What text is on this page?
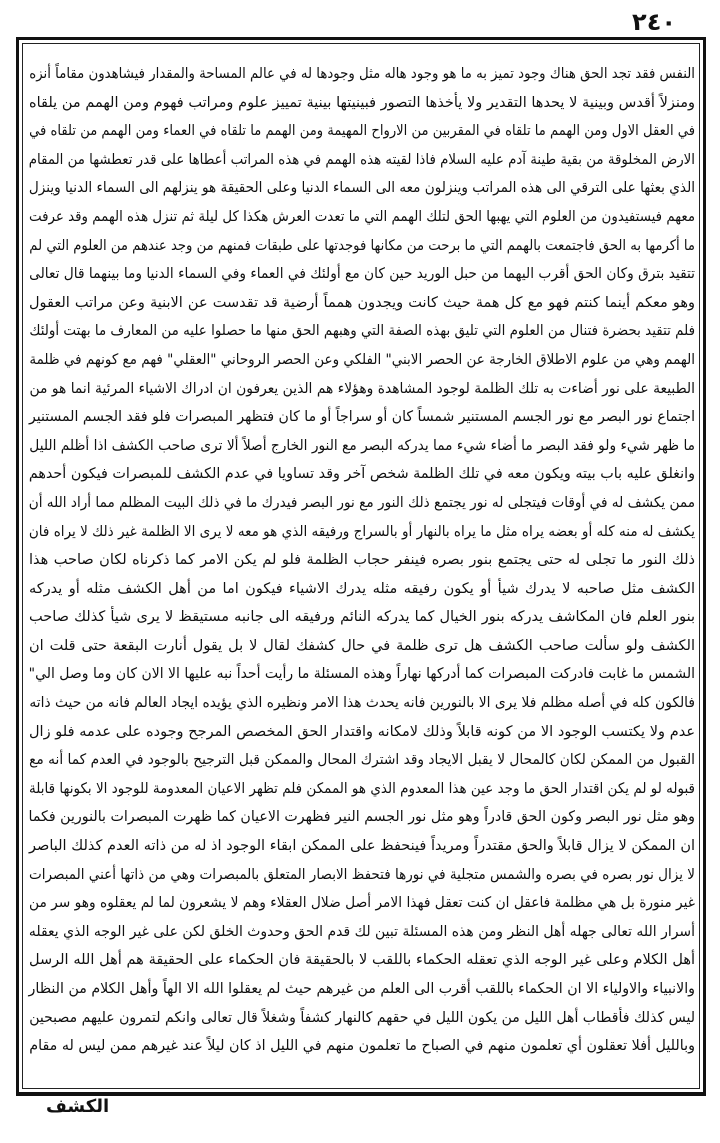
٢٤٠
النفس فقد تجد الحق هناك وجود تميز به ما هو وجود هاله مثل وجودها له في عالم المساحة والمقدار فيشاهدون مقاماً أنزه
ومنزلاً أقدس وبينية لا يحدها التقدير ولا يأخذها التصور فبينيتها بينية تمييز علوم ومراتب فهوم ومن الهمم من يلقاه
في العقل الاول ومن الهمم ما تلقاه في المقربين من الارواح المهيمة ومن الهمم ما تلقاه في العماء ومن الهمم من تلقاه في
الارض المخلوقة من بقية طينة آدم عليه السلام فاذا لقيته هذه الهمم في هذه المراتب أعطاها على قدر تعطشها من المقام
الذي بعثها على الترقي الى هذه المراتب وينزلون معه الى السماء الدنيا وعلى الحقيقة هو ينزلهم الى السماء الدنيا وينزل
معهم فيستفيدون من العلوم التي يهبها الحق لتلك الهمم التي ما تعدت العرش هكذا كل ليلة ثم تنزل هذه الهمم وقد عرفت
ما أكرمها به الحق فاجتمعت بالهمم التي ما برحت من مكانها فوجدتها على طبقات فمنهم من وجد عندهم من العلوم التي لم
تتقيد بترق وكان الحق أقرب اليهما من حبل الوريد حين كان مع أولئك في العماء وفي السماء الدنيا وما بينهما قال تعالى
وهو معكم أينما كنتم فهو مع كل همة حيث كانت ويجدون همماً أرضية قد تقدست عن الابنية وعن مراتب العقول
فلم تتقيد بحضرة فتنال من العلوم التي تليق بهذه الصفة التي وهبهم الحق منها ما حصلوا عليه من المعارف ما بهتت أولئك
الهمم وهي من علوم الاطلاق الخارجة عن الحصر الابني" الفلكي وعن الحصر الروحاني "العقلي" فهم مع كونهم في ظلمة
الطبيعة على نور أضاءت به تلك الظلمة لوجود المشاهدة وهؤلاء هم الذين يعرفون ان ادراك الاشياء المرئية انما هو من
اجتماع نور البصر مع نور الجسم المستنير شمساً كان أو سراجاً أو ما كان فتظهر المبصرات فلو فقد الجسم المستنير
ما ظهر شيء ولو فقد البصر ما أضاء شيء مما يدركه البصر مع النور الخارج أصلاً ألا ترى صاحب الكشف اذا أظلم الليل
وانغلق عليه باب بيته ويكون معه في تلك الظلمة شخص آخر وقد تساويا في عدم الكشف للمبصرات فيكون أحدهم
ممن يكشف له في أوقات فيتجلى له نور يجتمع ذلك النور مع نور البصر فيدرك ما في ذلك البيت المظلم مما أراد الله أن
يكشف له منه كله أو بعضه يراه مثل ما يراه بالنهار أو بالسراج ورفيقه الذي هو معه لا يرى الا الظلمة غير ذلك لا يراه فان
ذلك النور ما تجلى له حتى يجتمع بنور بصره فينفر حجاب الظلمة فلو لم يكن الامر كما ذكرناه لكان صاحب هذا
الكشف مثل صاحبه لا يدرك شيأ أو يكون رفيقه مثله يدرك الاشياء فيكون اما من أهل الكشف مثله أو يدركه
بنور العلم فان المكاشف يدركه بنور الخيال كما يدركه النائم ورفيقه الى جانبه مستيقظ لا يرى شيأ كذلك صاحب
الكشف ولو سألت صاحب الكشف هل ترى ظلمة في حال كشفك لقال لا بل يقول أنارت البقعة حتى قلت ان
الشمس ما غابت فادركت المبصرات كما أدركها نهاراً وهذه المسئلة ما رأيت أحداً نبه عليها الا الان كان وما وصل الي"
فالكون كله في أصله مظلم فلا يرى الا بالنورين فانه يحدث هذا الامر ونظيره الذي يؤيده ايجاد العالم فانه من حيث ذاته
عدم ولا يكتسب الوجود الا من كونه قابلاً وذلك لامكانه واقتدار الحق المخصص المرجح وجوده على عدمه فلو زال
القبول من الممكن لكان كالمحال لا يقبل الايجاد وقد اشترك المحال والممكن قبل الترجيح بالوجود في العدم كما أنه مع
قبوله لو لم يكن اقتدار الحق ما وجد عين هذا المعدوم الذي هو الممكن فلم تظهر الاعيان المعدومة للوجود الا بكونها قابلة
وهو مثل نور البصر وكون الحق قادراً وهو مثل نور الجسم النير فظهرت الاعيان كما ظهرت المبصرات بالنورين فكما
ان الممكن لا يزال قابلاً والحق مقتدراً ومريداً فينحفظ على الممكن ابقاء الوجود اذ له من ذاته العدم كذلك الباصر
لا يزال نور بصره في بصره والشمس متجلية في نورها فتحفظ الابصار المتعلق بالمبصرات وهي من ذاتها أعني المبصرات
غير منورة بل هي مظلمة فاعقل ان كنت تعقل فهذا الامر أصل ضلال العقلاء وهم لا يشعرون لما لم يعقلوه وهو سر من
أسرار الله تعالى جهله أهل النظر ومن هذه المسئلة تبين لك قدم الحق وحدوث الخلق لكن على غير الوجه الذي يعقله
أهل الكلام وعلى غير الوجه الذي تعقله الحكماء باللقب لا بالحقيقة فان الحكماء على الحقيقة هم أهل الله الرسل
والانبياء والاولياء الا ان الحكماء باللقب أقرب الى العلم من غيرهم حيث لم يعقلوا الله الا الهاً وأهل الكلام من النظار
ليس كذلك فأقطاب أهل الليل من يكون الليل في حقهم كالنهار كشفاً وشغلاً قال تعالى وانكم لتمرون عليهم مصبحين
وبالليل أفلا تعقلون أي تعلمون منهم في الصباح ما تعلمون منهم في الليل اذ كان ليلاً عند غيرهم ممن ليس له مقام
الكشف
